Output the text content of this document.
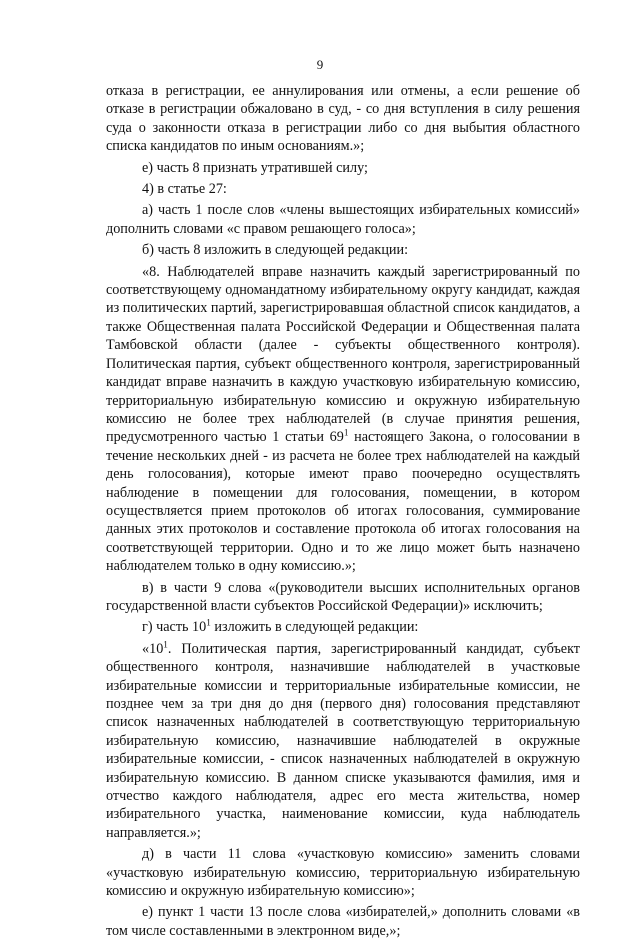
9

отказа в регистрации, ее аннулирования или отмены, а если решение об отказе в регистрации обжаловано в суд, - со дня вступления в силу решения суда о законности отказа в регистрации либо со дня выбытия областного списка кандидатов по иным основаниям.»;

е) часть 8 признать утратившей силу;

4) в статье 27:

а) часть 1 после слов «члены вышестоящих избирательных комиссий» дополнить словами «с правом решающего голоса»;

б) часть 8 изложить в следующей редакции:

«8. Наблюдателей вправе назначить каждый зарегистрированный по соответствующему одномандатному избирательному округу кандидат, каждая из политических партий, зарегистрировавшая областной список кандидатов, а также Общественная палата Российской Федерации и Общественная палата Тамбовской области (далее - субъекты общественного контроля). Политическая партия, субъект общественного контроля, зарегистрированный кандидат вправе назначить в каждую участковую избирательную комиссию, территориальную избирательную комиссию и окружную избирательную комиссию не более трех наблюдателей (в случае принятия решения, предусмотренного частью 1 статьи $69^1$ настоящего Закона, о голосовании в течение нескольких дней - из расчета не более трех наблюдателей на каждый день голосования), которые имеют право поочередно осуществлять наблюдение в помещении для голосования, помещении, в котором осуществляется прием протоколов об итогах голосования, суммирование данных этих протоколов и составление протокола об итогах голосования на соответствующей территории. Одно и то же лицо может быть назначено наблюдателем только в одну комиссию.»;

в) в части 9 слова «(руководители высших исполнительных органов государственной власти субъектов Российской Федерации)» исключить;

г) часть $10^1$ изложить в следующей редакции:

«$10^1$. Политическая партия, зарегистрированный кандидат, субъект общественного контроля, назначившие наблюдателей в участковые избирательные комиссии и территориальные избирательные комиссии, не позднее чем за три дня до дня (первого дня) голосования представляют список назначенных наблюдателей в соответствующую территориальную избирательную комиссию, назначившие наблюдателей в окружные избирательные комиссии, - список назначенных наблюдателей в окружную избирательную комиссию. В данном списке указываются фамилия, имя и отчество каждого наблюдателя, адрес его места жительства, номер избирательного участка, наименование комиссии, куда наблюдатель направляется.»;

д) в части 11 слова «участковую комиссию» заменить словами «участковую избирательную комиссию, территориальную избирательную комиссию и окружную избирательную комиссию»;

е) пункт 1 части 13 после слова «избирателей,» дополнить словами «в том числе составленными в электронном виде,»;
